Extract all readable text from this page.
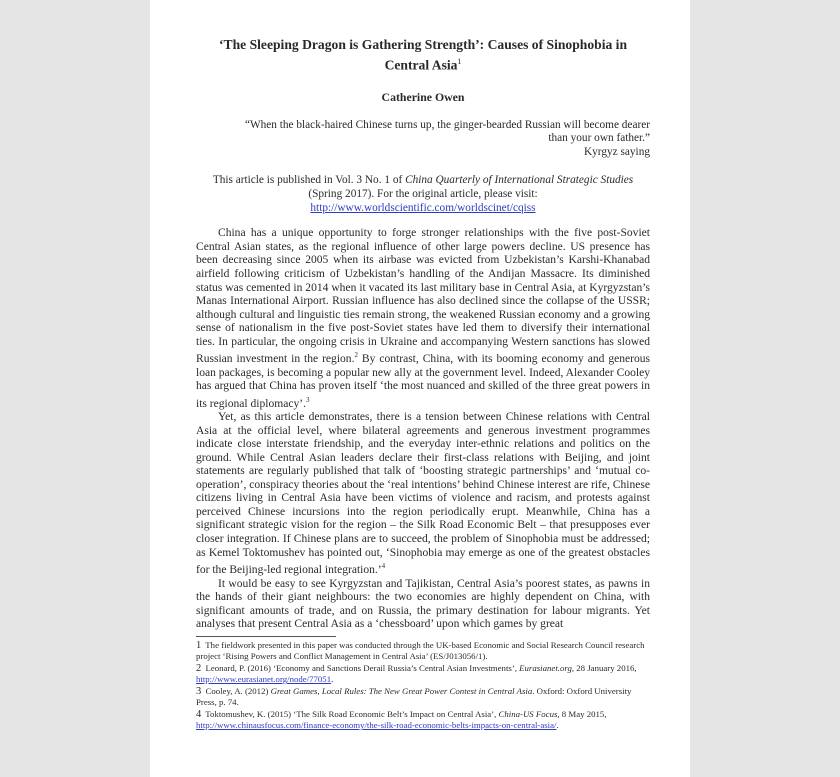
‘The Sleeping Dragon is Gathering Strength’: Causes of Sinophobia in
Central Asia$^1$
Catherine Owen
“When the black-haired Chinese turns up, the ginger-bearded Russian will become dearer
than your own father.”
Kyrgyz saying
This article is published in Vol. 3 No. 1 of China Quarterly of International Strategic Studies
(Spring 2017). For the original article, please visit:
http://www.worldscientific.com/worldscinet/cqiss

China has a unique opportunity to forge stronger relationships with the five post-Soviet Central Asian states, as the regional influence of other large powers decline. US presence has been decreasing since 2005 when its airbase was evicted from Uzbekistan’s Karshi-Khanabad airfield following criticism of Uzbekistan’s handling of the Andijan Massacre. Its diminished status was cemented in 2014 when it vacated its last military base in Central Asia, at Kyrgyzstan’s Manas International Airport. Russian influence has also declined since the collapse of the USSR; although cultural and linguistic ties remain strong, the weakened Russian economy and a growing sense of nationalism in the five post-Soviet states have led them to diversify their international ties. In particular, the ongoing crisis in Ukraine and accompanying Western sanctions has slowed Russian investment in the region.$^2$ By contrast, China, with its booming economy and generous loan packages, is becoming a popular new ally at the government level. Indeed, Alexander Cooley has argued that China has proven itself ‘the most nuanced and skilled of the three great powers in its regional diplomacy’.$^3$

Yet, as this article demonstrates, there is a tension between Chinese relations with Central Asia at the official level, where bilateral agreements and generous investment programmes indicate close interstate friendship, and the everyday inter-ethnic relations and politics on the ground. While Central Asian leaders declare their first-class relations with Beijing, and joint statements are regularly published that talk of ‘boosting strategic partnerships’ and ‘mutual co-operation’, conspiracy theories about the ‘real intentions’ behind Chinese interest are rife, Chinese citizens living in Central Asia have been victims of violence and racism, and protests against perceived Chinese incursions into the region periodically erupt. Meanwhile, China has a significant strategic vision for the region – the Silk Road Economic Belt – that presupposes ever closer integration. If Chinese plans are to succeed, the problem of Sinophobia must be addressed; as Kemel Toktomushev has pointed out, ‘Sinophobia may emerge as one of the greatest obstacles for the Beijing-led regional integration.’$^4$

It would be easy to see Kyrgyzstan and Tajikistan, Central Asia’s poorest states, as pawns in the hands of their giant neighbours: the two economies are highly dependent on China, with significant amounts of trade, and on Russia, the primary destination for labour migrants. Yet analyses that present Central Asia as a ‘chessboard’ upon which games by great

1 The fieldwork presented in this paper was conducted through the UK-based Economic and Social Research Council research project ‘Rising Powers and Conflict Management in Central Asia’ (ES/J013056/1).

2 Leonard, P. (2016) ‘Economy and Sanctions Derail Russia’s Central Asian Investments’, Eurasianet.org, 28 January 2016, http://www.eurasianet.org/node/77051.

3 Cooley, A. (2012) Great Games, Local Rules: The New Great Power Contest in Central Asia. Oxford: Oxford University Press, p. 74.

4 Toktomushev, K. (2015) ‘The Silk Road Economic Belt’s Impact on Central Asia’, China-US Focus, 8 May 2015, http://www.chinausfocus.com/finance-economy/the-silk-road-economic-belts-impacts-on-central-asia/.
